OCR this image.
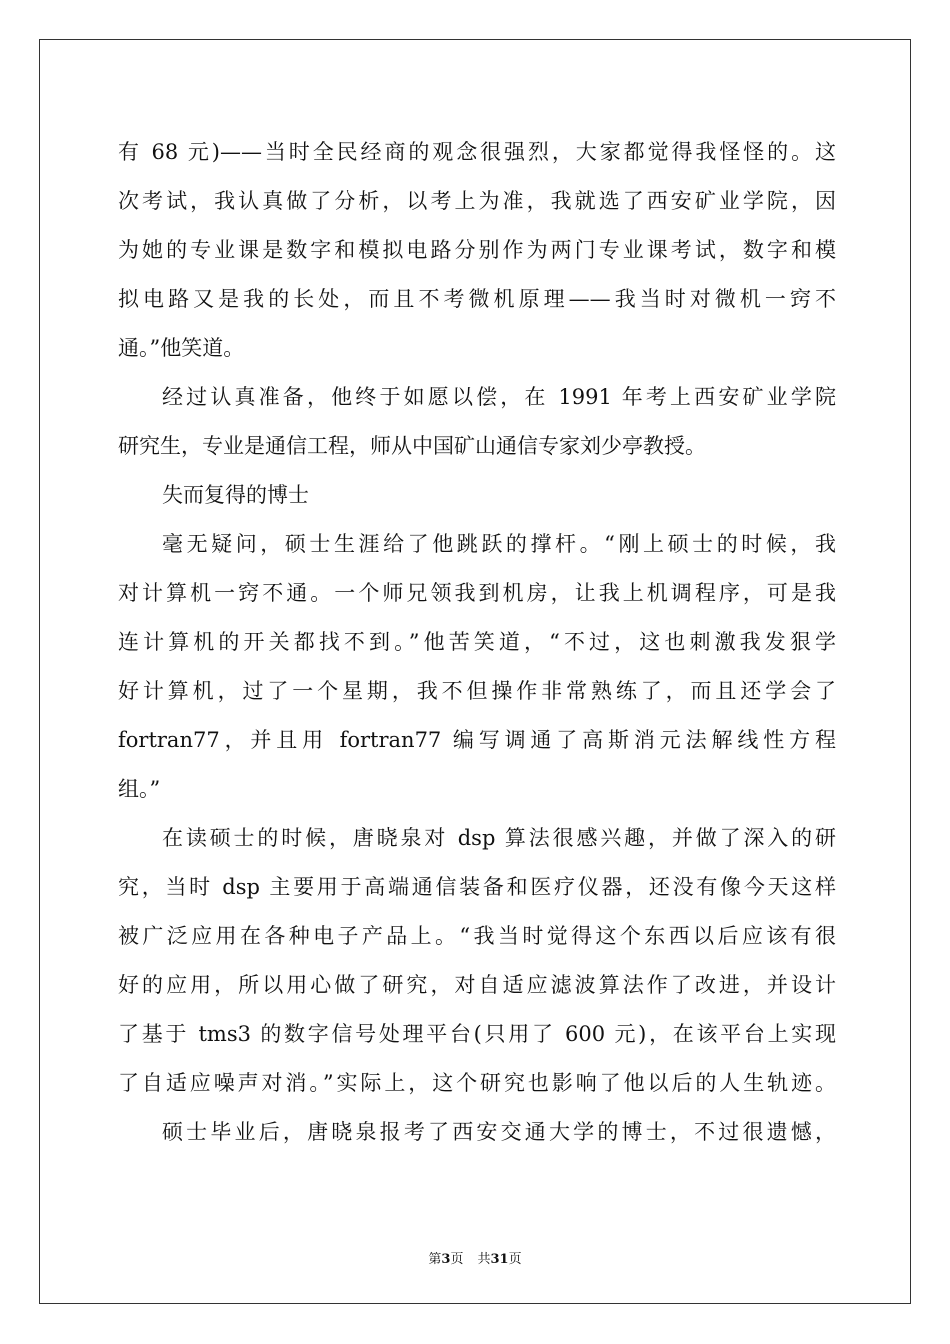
有 68 元)——当时全民经商的观念很强烈，大家都觉得我怪怪的。这
次考试，我认真做了分析，以考上为准，我就选了西安矿业学院，因
为她的专业课是数字和模拟电路分别作为两门专业课考试，数字和模
拟电路又是我的长处，而且不考微机原理——我当时对微机一窍不
通。”他笑道。
经过认真准备，他终于如愿以偿，在 1991 年考上西安矿业学院
研究生，专业是通信工程，师从中国矿山通信专家刘少亭教授。
失而复得的博士
毫无疑问，硕士生涯给了他跳跃的撑杆。“刚上硕士的时候，我
对计算机一窍不通。一个师兄领我到机房，让我上机调程序，可是我
连计算机的开关都找不到。”他苦笑道，“不过，这也刺激我发狠学
好计算机，过了一个星期，我不但操作非常熟练了，而且还学会了
fortran77，并且用 fortran77 编写调通了高斯消元法解线性方程
组。”
在读硕士的时候，唐晓泉对 dsp 算法很感兴趣，并做了深入的研
究，当时 dsp 主要用于高端通信装备和医疗仪器，还没有像今天这样
被广泛应用在各种电子产品上。“我当时觉得这个东西以后应该有很
好的应用，所以用心做了研究，对自适应滤波算法作了改进，并设计
了基于 tms3 的数字信号处理平台(只用了 600 元)，在该平台上实现
了自适应噪声对消。”实际上，这个研究也影响了他以后的人生轨迹。
硕士毕业后，唐晓泉报考了西安交通大学的博士，不过很遗憾，
第3页 共31页
